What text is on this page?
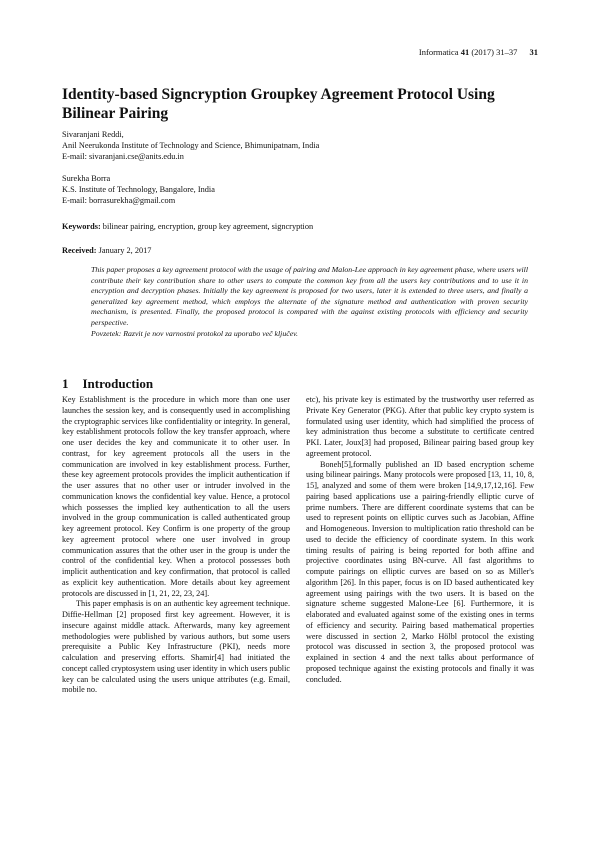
Informatica 41 (2017) 31–37 31
Identity-based Signcryption Groupkey Agreement Protocol Using Bilinear Pairing
Sivaranjani Reddi,
Anil Neerukonda Institute of Technology and Science, Bhimunipatnam, India
E-mail: sivaranjani.cse@anits.edu.in
Surekha Borra
K.S. Institute of Technology, Bangalore, India
E-mail: borrasurekha@gmail.com
Keywords: bilinear pairing, encryption, group key agreement, signcryption
Received: January 2, 2017

This paper proposes a key agreement protocol with the usage of pairing and Malon-Lee approach in key agreement phase, where users will contribute their key contribution share to other users to compute the common key from all the users key contributions and to use it in encryption and decryption phases. Initially the key agreement is proposed for two users, later it is extended to three users, and finally a generalized key agreement method, which employs the alternate of the signature method and authentication with proven security mechanism, is presented. Finally, the proposed protocol is compared with the against existing protocols with efficiency and security perspective.

Povzetek: Razvit je nov varnostni protokol za uporabo več ključev.

1 Introduction

Key Establishment is the procedure in which more than one user launches the session key, and is consequently used in accomplishing the cryptographic services like confidentiality or integrity. In general, key establishment protocols follow the key transfer approach, where one user decides the key and communicate it to other user. In contrast, for key agreement protocols all the users in the communication are involved in key establishment process. Further, these key agreement protocols provides the implicit authentication if the user assures that no other user or intruder involved in the communication knows the confidential key value. Hence, a protocol which possesses the implied key authentication to all the users involved in the group communication is called authenticated group key agreement protocol. Key Confirm is one property of the group key agreement protocol where one user involved in group communication assures that the other user in the group is under the control of the confidential key. When a protocol possesses both implicit authentication and key confirmation, that protocol is called as explicit key authentication. More details about key agreement protocols are discussed in [1, 21, 22, 23, 24].

This paper emphasis is on an authentic key agreement technique. Diffie-Hellman [2] proposed first key agreement. However, it is insecure against middle attack. Afterwards, many key agreement methodologies were published by various authors, but some users prerequisite a Public Key Infrastructure (PKI), needs more calculation and preserving efforts. Shamir[4] had initiated the concept called cryptosystem using user identity in which users public key can be calculated using the users unique attributes (e.g. Email, mobile no.

etc), his private key is estimated by the trustworthy user referred as Private Key Generator (PKG). After that public key crypto system is formulated using user identity, which had simplified the process of key administration thus become a substitute to certificate centred PKI. Later, Joux[3] had proposed, Bilinear pairing based group key agreement protocol.

Boneh[5],formally published an ID based encryption scheme using bilinear pairings. Many protocols were proposed [13, 11, 10, 8, 15], analyzed and some of them were broken [14,9,17,12,16]. Few pairing based applications use a pairing-friendly elliptic curve of prime numbers. There are different coordinate systems that can be used to represent points on elliptic curves such as Jacobian, Affine and Homogeneous. Inversion to multiplication ratio threshold can be used to decide the efficiency of coordinate system. In this work timing results of pairing is being reported for both affine and projective coordinates using BN-curve. All fast algorithms to compute pairings on elliptic curves are based on so as Miller's algorithm [26]. In this paper, focus is on ID based authenticated key agreement using pairings with the two users. It is based on the signature scheme suggested Malone-Lee [6]. Furthermore, it is elaborated and evaluated against some of the existing ones in terms of efficiency and security. Pairing based mathematical properties were discussed in section 2, Marko Hölbl protocol the existing protocol was discussed in section 3, the proposed protocol was explained in section 4 and the next talks about performance of proposed technique against the existing protocols and finally it was concluded.
